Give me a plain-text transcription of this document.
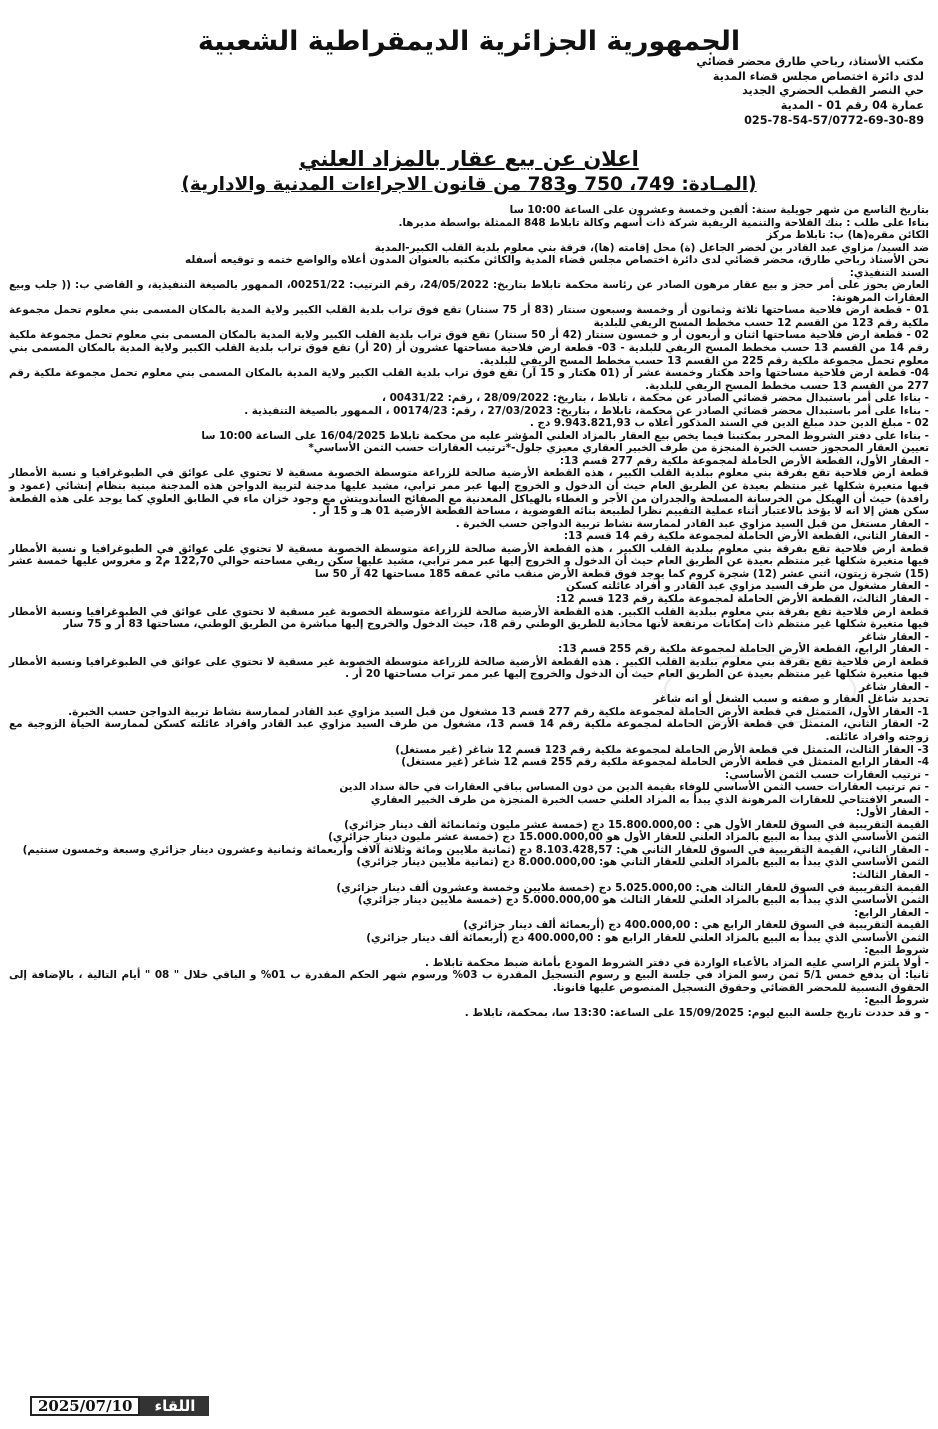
الجمهورية الجزائرية الديمقراطية الشعبية
مكتب الأستاذ، رباحي طارق محضر قضائي
لدى دائرة اختصاص مجلس قضاء المدية
حي النصر القطب الحضري الجديد
عمارة 04 رقم 01 - المدية
025-78-54-57/0772-69-30-89
اعلان عن بيع عقار بالمزاد العلني
(المـادة: 749، 750 و783 من قانون الاجراءات المدنية والادارية)

بتاريخ التاسع من شهر جويلية سنة: ألفين وخمسة وعشرون على الساعة 10:00 سا

بناءا على طلب : بنك الفلاحة والتنمية الريفية شركة ذات أسهم وكالة تابلاط 848 الممثلة بواسطة مديرها.

الكائن مقره(ها) ب: تابلاط مركز

ضد السيد/ مزاوي عبد القادر بن لخضر الجاعل (ة) محل إقامته (ها)، فرقة بني معلوم بلدية القلب الكبير-المدية

نحن الأستاذ رباحي طارق، محضر قضائي لدى دائرة اختصاص مجلس قضاء المدية والكائن مكتبه بالعنوان المدون أعلاه والواضع ختمه و توقيعه أسفله

السند التنفيذي:

العارض يحوز على أمر حجز و بيع عقار مرهون الصادر عن رئاسة محكمة تابلاط بتاريخ: 24/05/2022، رقم الترتيب: 00251/22، الممهور بالصيغة التنفيذية، و القاضي ب: (( جلب وبيع العقارات المرهونة:

01 - قطعة ارض فلاحية مساحتها ثلاثة وثمانون أر وخمسة وسبعون سنتار (83 أر 75 سنتار) تقع فوق تراب بلدية القلب الكبير ولاية المدية بالمكان المسمى بني معلوم تحمل مجموعة ملكية رقم 123 من القسم 12 حسب مخطط المسح الريفي للبلدية

02 - قطعة ارض فلاحية مساحتها اثنان و أربعون أر و خمسون سنتار (42 أر 50 سنتار) تقع فوق تراب بلدية القلب الكبير ولاية المدية بالمكان المسمى بني معلوم تحمل مجموعة ملكية رقم 14 من القسم 13 حسب مخطط المسح الريفي للبلدية - 03- قطعة ارض فلاحية مساحتها عشرون أر (20 أر) تقع فوق تراب بلدية القلب الكبير ولاية المدية بالمكان المسمى بني معلوم تحمل مجموعة ملكية رقم 225 من القسم 13 حسب مخطط المسح الريفي للبلدية.

04- قطعة ارض فلاحية مساحتها واحد هكتار وخمسة عشر آر (01 هكتار و 15 آر) تقع فوق تراب بلدية القلب الكبير ولاية المدية بالمكان المسمى بني معلوم تحمل مجموعة ملكية رقم 277 من القسم 13 حسب مخطط المسح الريفي للبلدية.

- بناءا على أمر باستبدال محضر قضائي الصادر عن محكمة ، تابلاط ، بتاريخ: 28/09/2022 ، رقم: 00431/22 ،

- بناءا على أمر باستبدال محضر قضائي الصادر عن محكمة، تابلاط ، بتاريخ: 27/03/2023 ، رقم: 00174/23 ، الممهور بالصيغة التنفيذية .

02 - مبلغ الدين حدد مبلغ الدين في السند المذكور أعلاه ب 9.943.821,93 دج .

- بناءا على دفتر الشروط المحرر بمكتبنا فيما يخص بيع العقار بالمزاد العلني المؤشر عليه من محكمة تابلاط 16/04/2025 على الساعة 10:00 سا

تعيين العقار المحجوز حسب الخبرة المنجزة من طرف الخبير العقاري معيزي جلول-*ترتيب العقارات حسب الثمن الأساسي*

- العقار الأول، القطعة الأرض الحاملة لمجموعة ملكية رقم 277 قسم 13:

قطعة ارض فلاحية تقع بفرقة بني معلوم ببلدية القلب الكبير ، هذه القطعة الأرضية صالحة للزراعة متوسطة الخصوبة مسقية لا تحتوي على عوائق في الطبوغرافيا و نسبة الأمطار فيها متغيرة شكلها غير منتظم بعيدة عن الطريق العام حيث أن الدخول و الخروج إليها عبر ممر ترابي، مشيد عليها مدجنة لتربية الدواجن هذه المدجنة مبنية بنظام إنشائي (عمود و رافدة) حيث أن الهيكل من الخرسانة المسلحة والجدران من الأجر و الغطاء بالهياكل المعدنية مع الصفائح الساندويتش مع وجود خزان ماء في الطابق العلوي كما يوجد على هذه القطعة سكن هش إلا انه لا يؤخذ بالاعتبار أثناء عملية التقييم نظرا لطبيعة بنائه الفوضوية ، مساحة القطعة الأرضية 01 هـ و 15 آر .

- العقار مستغل من قبل السيد مزاوي عبد القادر لممارسة نشاط تربية الدواجن حسب الخبرة .

- العقار الثاني، القطعة الأرض الحاملة لمجموعة ملكية رقم 14 قسم 13:

قطعة ارض فلاحية تقع بفرقة بني معلوم ببلدية القلب الكبير ، هذه القطعة الأرضية صالحة للزراعة متوسطة الخصوبة مسقية لا تحتوي على عوائق في الطبوغرافيا و نسبة الأمطار فيها متغيرة شكلها غير منتظم بعيدة عن الطريق العام حيث أن الدخول و الخروج إليها عبر ممر ترابي، مشيد عليها سكن ريفي مساحته حوالي 122,70 م2 و مغروس عليها خمسة عشر (15) شجرة زيتون، اثني عشر (12) شجرة كروم كما يوجد فوق قطعة الأرض منقب مائي عمقه 185 مساحتها 42 آر 50 سا

- العقار مشغول من طرف السيد مزاوي عبد القادر و أفراد عائلته كسكن

- العقار الثالث، القطعة الأرض الحاملة لمجموعة ملكية رقم 123 قسم 12:

قطعة ارض فلاحية تقع بفرقة بني معلوم ببلدية القلب الكبير. هذه القطعة الأرضية صالحة للزراعة متوسطة الخصوبة غير مسقية لا تحتوي على عوائق في الطبوغرافيا ونسبة الأمطار فيها متغيرة شكلها غير منتظم ذات إمكانات مرتفعة لأنها محاذية للطريق الوطني رقم 18، حيث الدخول والخروج إليها مباشرة من الطريق الوطني، مساحتها 83 أر و 75 سار

- العقار شاغر

- العقار الرابع، القطعة الأرض الحاملة لمجموعة ملكية رقم 255 قسم 13:

قطعة ارض فلاحية تقع بفرقة بني معلوم ببلدية القلب الكبير . هذه القطعة الأرضية صالحة للزراعة متوسطة الخصوبة غير مسقية لا تحتوي على عوائق في الطبوغرافيا ونسبة الأمطار فيها متغيرة شكلها غير منتظم بعيدة عن الطريق العام حيث أن الدخول والخروج إليها عبر ممر تراب مساحتها 20 أر .

- العقار شاغر

تحديد شاغل العقار و صفته و سبب الشغل أو انه شاغر

1- العقار الأول، المتمثل في قطعة الأرض الحاملة لمجموعة ملكية رقم 277 قسم 13 مشغول من قبل السيد مزاوي عبد القادر لممارسة نشاط تربية الدواجن حسب الخبرة.

2- العقار الثاني، المتمثل في قطعة الأرض الحاملة لمجموعة ملكية رقم 14 قسم 13، مشغول من طرف السيد مزاوي عبد القادر وافراد عائلته كسكن لممارسة الحياة الزوجية مع زوجته وافراد عائلته.

3- العقار الثالث، المتمثل في قطعة الأرض الحاملة لمجموعة ملكية رقم 123 قسم 12 شاغر (غير مستغل)

4- العقار الرابع المتمثل في قطعة الأرض الحاملة لمجموعة ملكية رقم 255 قسم 12 شاغر (غير مستغل)

- ترتيب العقارات حسب الثمن الأساسي:

- تم ترتيب العقارات حسب الثمن الأساسي للوفاء بقيمة الدين من دون المساس بباقي العقارات في حالة سداد الدين

- السعر الافتتاحي للعقارات المرهونة الذي يبدأ به المزاد العلني حسب الخبرة المنجزة من طرف الخبير العقاري

- العقار الأول:

القيمة التقريبية في السوق للعقار الأول هي : 15.800.000,00 دج (خمسة عشر مليون وثمانمائة ألف دينار جزائري)

الثمن الأساسي الذي يبدأ به البيع بالمزاد العلني للعقار الأول هو 15.000.000,00 دج (خمسة عشر مليون دينار جزائري)

- العقار الثاني، القيمة التقريبية في السوق للعقار الثاني هي: 8.103.428,57 دج (ثمانية ملايين ومائة وثلاثة آلاف وأربعمائة وثمانية وعشرون دينار جزائري وسبعة وخمسون سنتيم)

الثمن الأساسي الذي يبدأ به البيع بالمزاد العلني للعقار الثاني هو: 8.000.000,00 دج (ثمانية ملايين دينار جزائري)

- العقار الثالث:

القيمة التقريبية في السوق للعقار الثالث هي: 5.025.000,00 دج (خمسة ملايين وخمسة وعشرون ألف دينار جزائري)

الثمن الأساسي الذي يبدأ به البيع بالمزاد العلني للعقار الثالث هو 5.000.000,00 دج (خمسة ملايين دينار جزائري)

- العقار الرابع:

القيمة التقريبية في السوق للعقار الرابع هي : 400.000,00 دج (أربعمائة ألف دينار جزائري)

الثمن الأساسي الذي يبدأ به البيع بالمزاد العلني للعقار الرابع هو : 400.000,00 دج (أربعمائة ألف دينار جزائري)

شروط البيع:

- أولا يلتزم الراسي عليه المزاد بالأعباء الواردة في دفتر الشروط المودع بأمانة ضبط محكمة تابلاط .

ثانيا: أن يدفع خمس 5/1 ثمن رسو المزاد في جلسة البيع و رسوم التسجيل المقدرة ب 03% ورسوم شهر الحكم المقدرة ب 01% و الباقي خلال " 08 " أيام التالية ، بالإضافة إلى الحقوق النسبية للمحضر القضائي وحقوق التسجيل المنصوص عليها قانونا.

شروط البيع:

- و قد حددت تاريخ جلسة البيع ليوم: 15/09/2025 على الساعة: 13:30 سا، بمحكمة، تابلاط .

2025/07/10	اللقاء
